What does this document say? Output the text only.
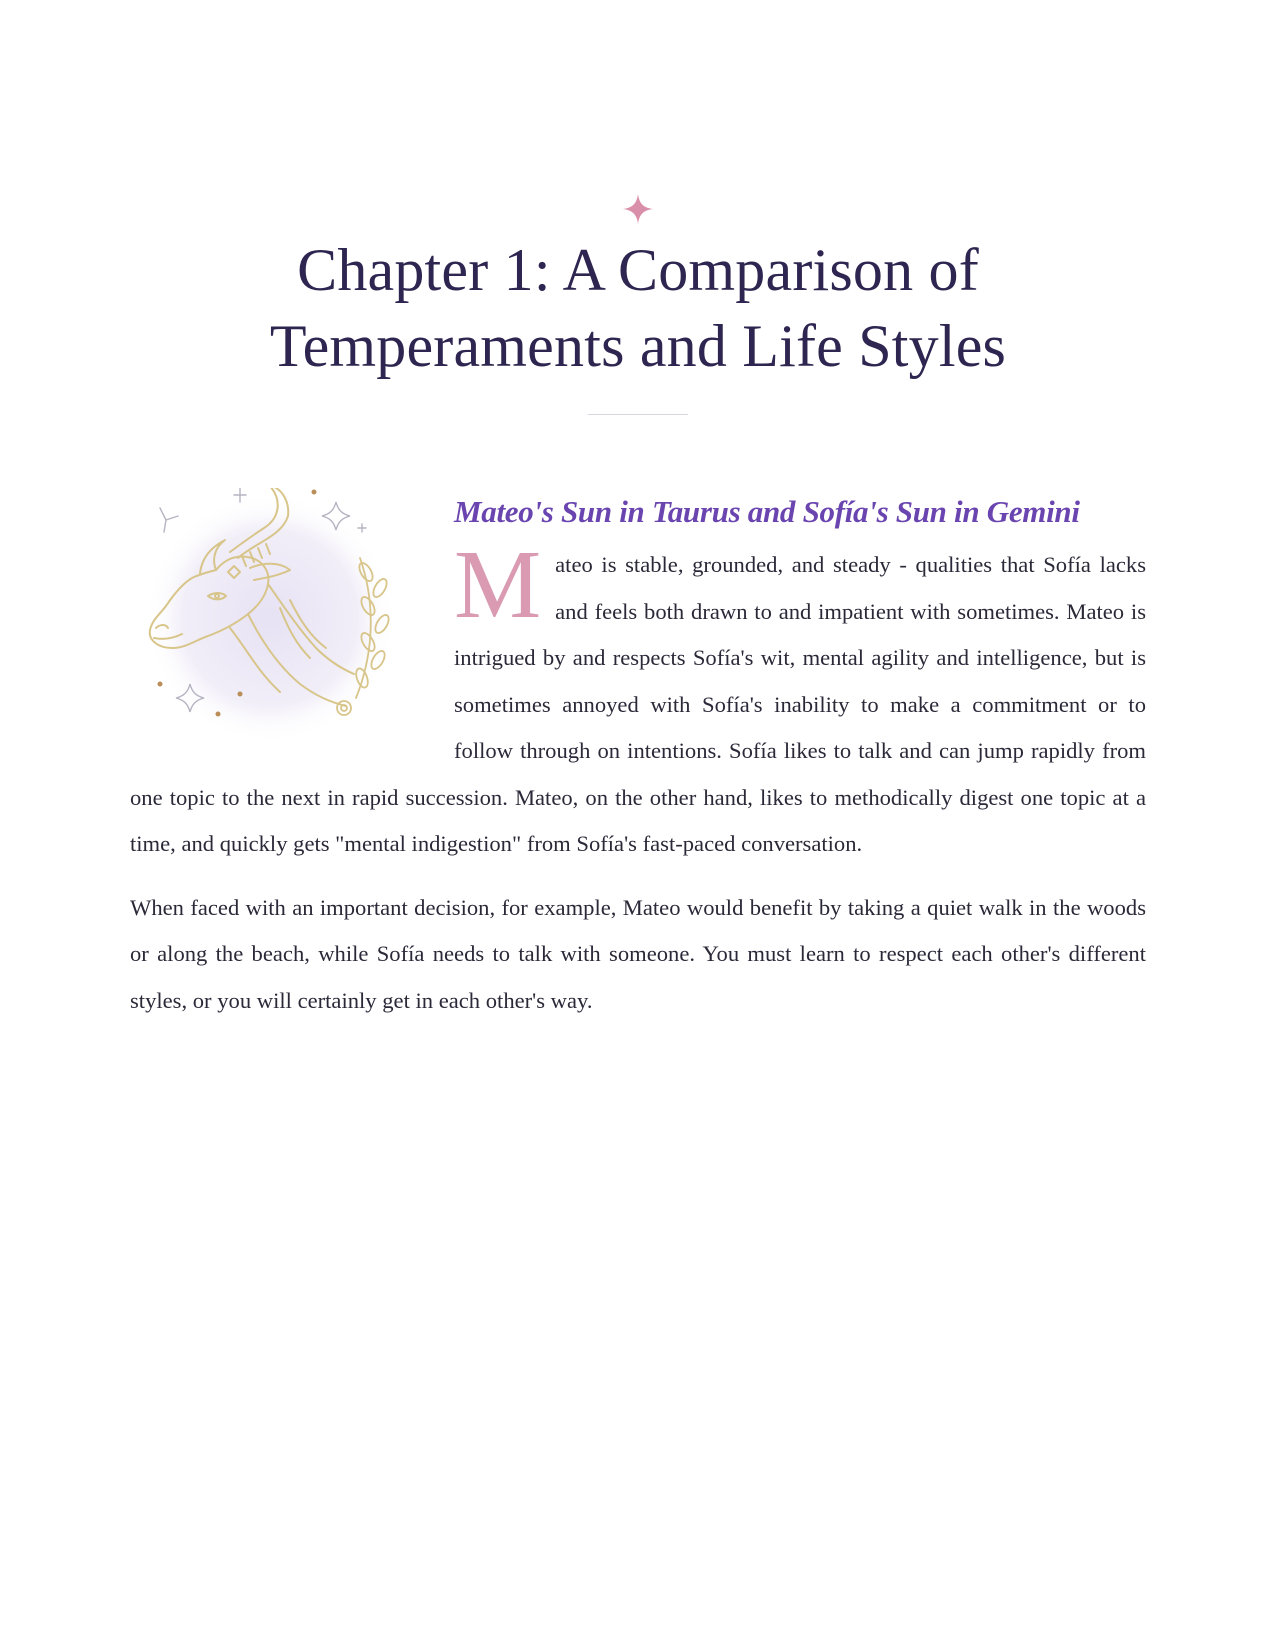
Chapter 1: A Comparison of Temperaments and Life Styles
Mateo's Sun in Taurus and Sofía's Sun in Gemini

Mateo is stable, grounded, and steady - qualities that Sofía lacks and feels both drawn to and impatient with sometimes. Mateo is intrigued by and respects Sofía's wit, mental agility and intelligence, but is sometimes annoyed with Sofía's inability to make a commitment or to follow through on intentions. Sofía likes to talk and can jump rapidly from one topic to the next in rapid succession. Mateo, on the other hand, likes to methodically digest one topic at a time, and quickly gets "mental indigestion" from Sofía's fast-paced conversation.

When faced with an important decision, for example, Mateo would benefit by taking a quiet walk in the woods or along the beach, while Sofía needs to talk with someone. You must learn to respect each other's different styles, or you will certainly get in each other's way.
